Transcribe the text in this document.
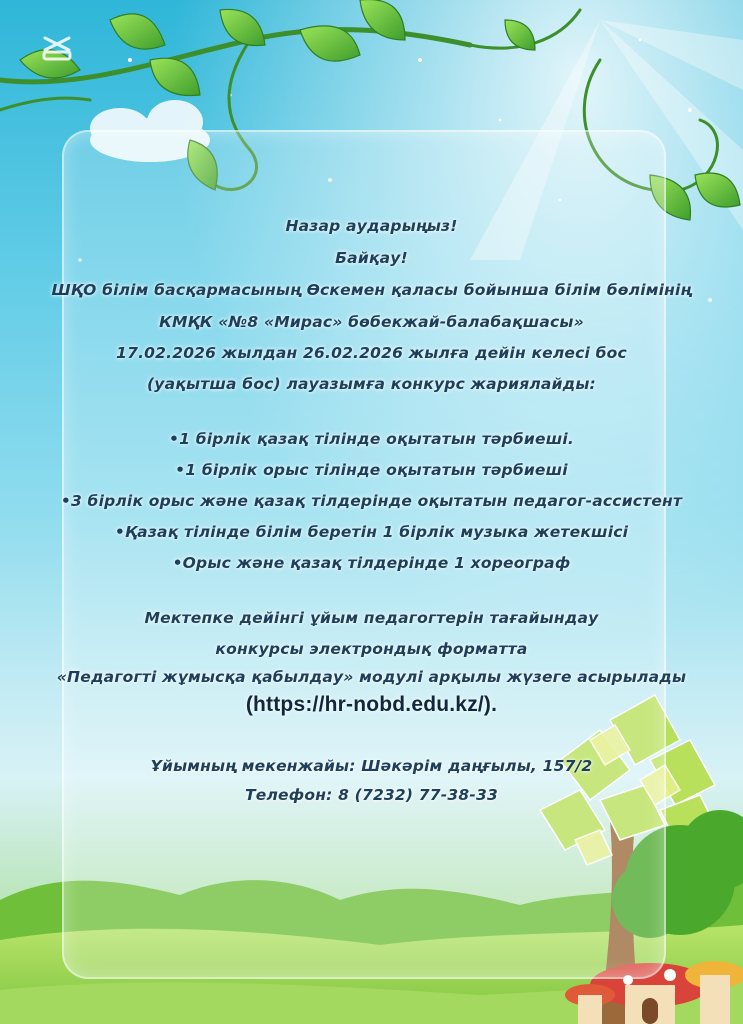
Назар аударыңыз!
Байқау!
ШҚО білім басқармасының Өскемен қаласы бойынша білім бөлімінің
КМҚК «№8 «Мирас» бөбекжай-балабақшасы»
17.02.2026 жылдан 26.02.2026 жылға дейін келесі бос
(уақытша бос) лауазымға конкурс жариялайды:
•1 бірлік қазақ тілінде оқытатын тәрбиеші.
•1 бірлік орыс тілінде оқытатын тәрбиеші
•3 бірлік орыс және қазақ тілдерінде оқытатын педагог-ассистент
•Қазақ тілінде білім беретін 1 бірлік музыка жетекшісі
•Орыс және қазақ тілдерінде 1 хореограф
Мектепке дейінгі ұйым педагогтерін тағайындау
конкурсы электрондық форматта
«Педагогті жұмысқа қабылдау» модулі арқылы жүзеге асырылады
(https://hr-nobd.edu.kz/).
Ұйымның мекенжайы: Шәкәрім даңғылы, 157/2
Телефон: 8 (7232) 77-38-33
